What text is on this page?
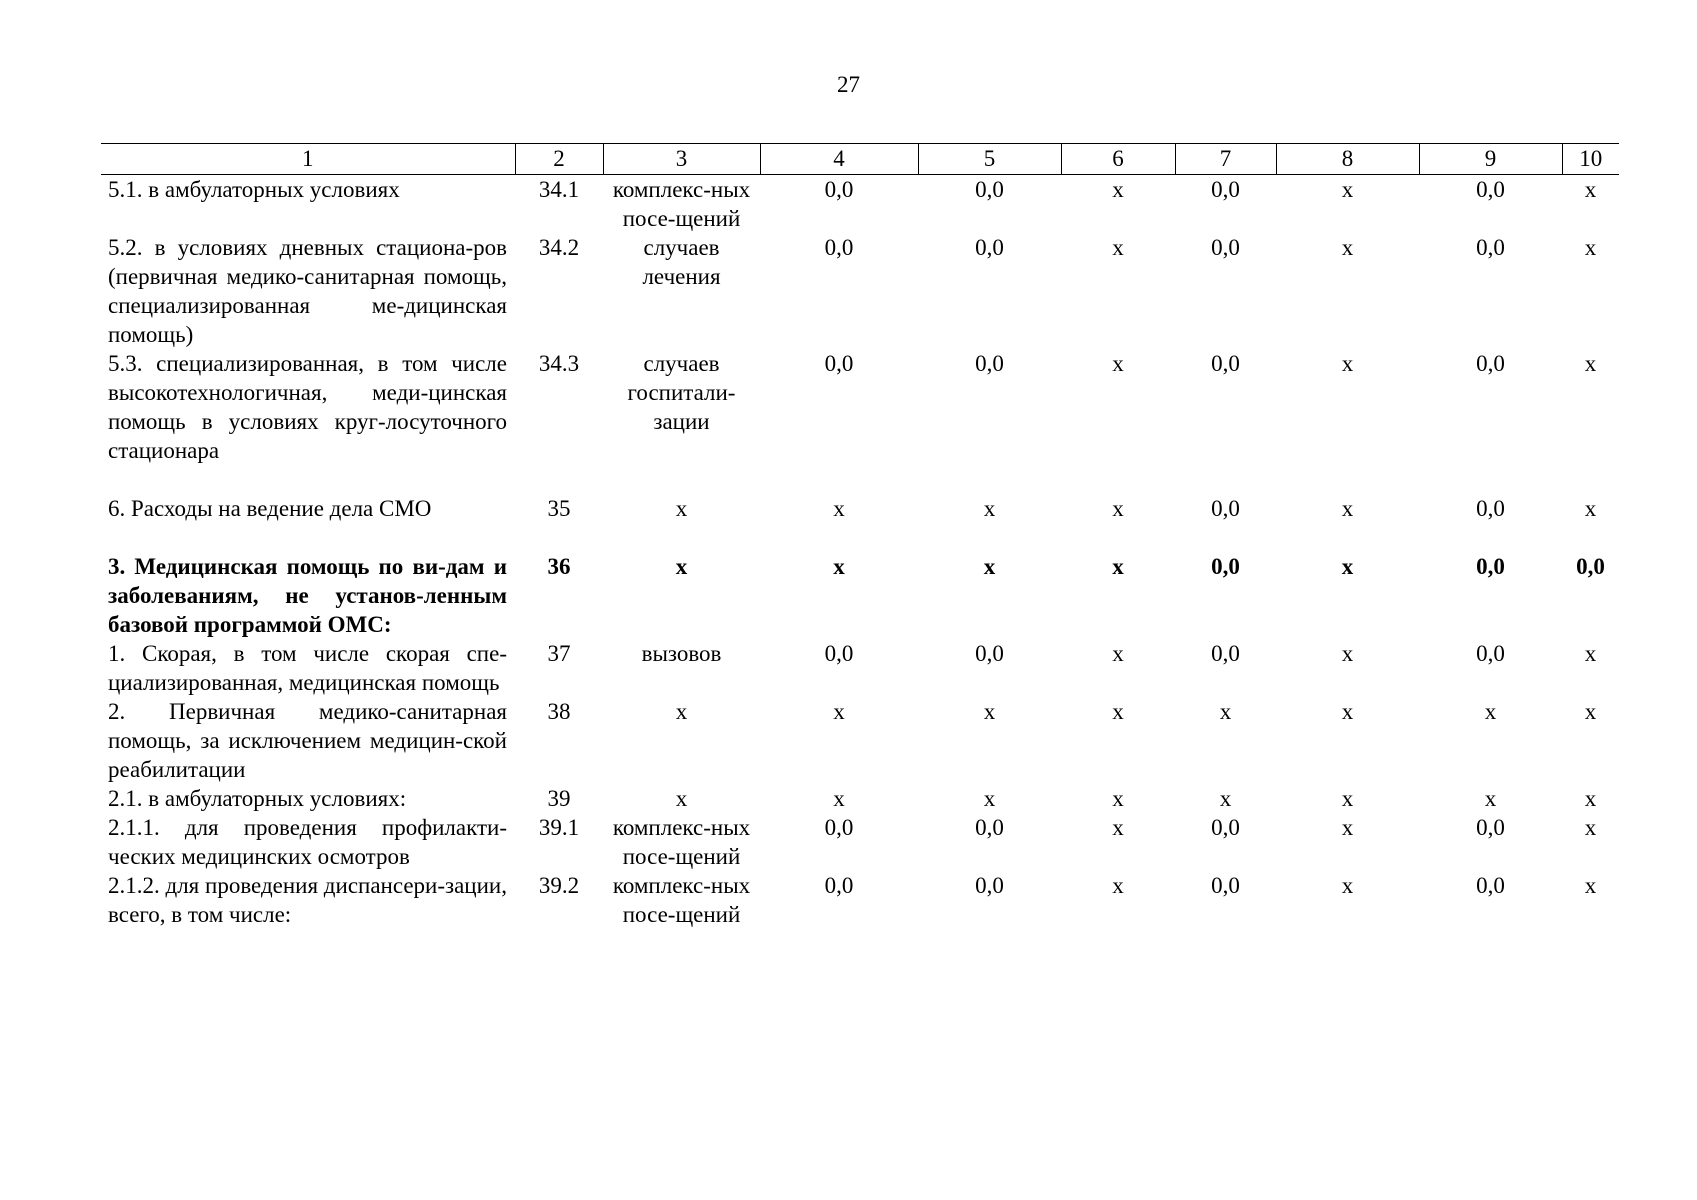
27
1	2	3	4	5	6	7	8	9	10
5.1. в амбулаторных условиях	34.1	комплекс-ных посе-щений	0,0	0,0	х	0,0	х	0,0	х
5.2. в условиях дневных стациона-ров (первичная медико-санитарная помощь, специализированная ме-дицинская помощь)	34.2	случаев лечения	0,0	0,0	х	0,0	х	0,0	х
5.3. специализированная, в том числе высокотехнологичная, меди-цинская помощь в условиях круг-лосуточного стационара	34.3	случаев госпитали-зации	0,0	0,0	х	0,0	х	0,0	х
6. Расходы на ведение дела СМО	35	х	х	х	х	0,0	х	0,0	х
3. Медицинская помощь по ви-дам и заболеваниям, не установ-ленным базовой программой ОМС:	36	х	х	х	х	0,0	х	0,0	0,0
1. Скорая, в том числе скорая спе-циализированная, медицинская помощь	37	вызовов	0,0	0,0	х	0,0	х	0,0	х
2. Первичная медико-санитарная помощь, за исключением медицин-ской реабилитации	38	х	х	х	х	х	х	х	х
2.1. в амбулаторных условиях:	39	х	х	х	х	х	х	х	х
2.1.1. для проведения профилакти-ческих медицинских осмотров	39.1	комплекс-ных посе-щений	0,0	0,0	х	0,0	х	0,0	х
2.1.2. для проведения диспансери-зации, всего, в том числе:	39.2	комплекс-ных посе-щений	0,0	0,0	х	0,0	х	0,0	х
